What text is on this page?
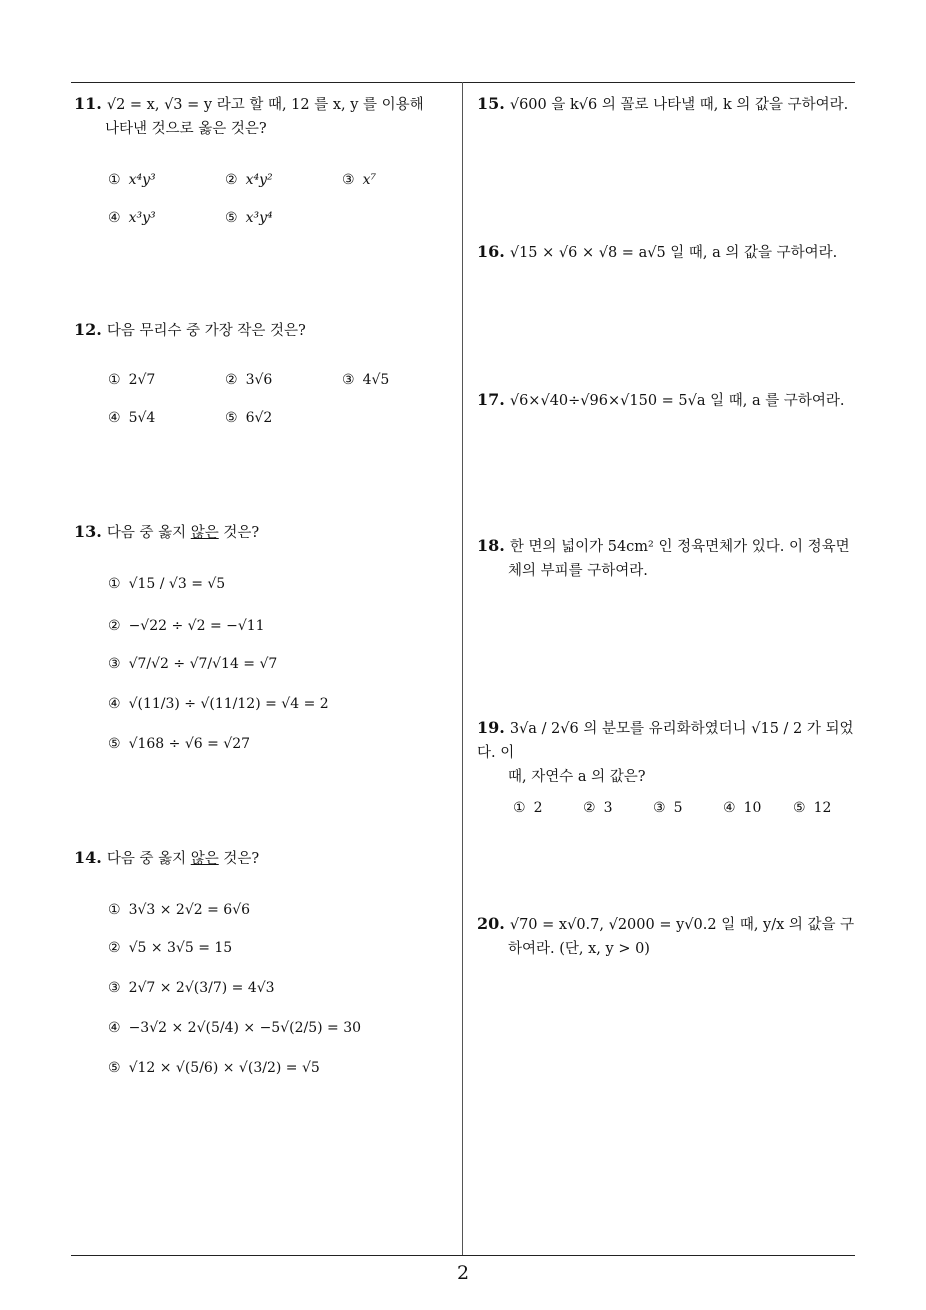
11. √2 = x, √3 = y 라고 할 때, 12 를 x, y 를 이용해
나타낸 것으로 옳은 것은?
① x⁴y³	② x⁴y²	③ x⁷
④ x³y³	⑤ x³y⁴
12. 다음 무리수 중 가장 작은 것은?
① 2√7	② 3√6	③ 4√5
④ 5√4	⑤ 6√2
13. 다음 중 옳지 않은 것은?
① √15 / √3 = √5
② −√22 ÷ √2 = −√11
③ √7/√2 ÷ √7/√14 = √7
④ √(11/3) ÷ √(11/12) = √4 = 2
⑤ √168 ÷ √6 = √27
14. 다음 중 옳지 않은 것은?
① 3√3 × 2√2 = 6√6
② √5 × 3√5 = 15
③ 2√7 × 2√(3/7) = 4√3
④ −3√2 × 2√(5/4) × −5√(2/5) = 30
⑤ √12 × √(5/6) × √(3/2) = √5
15. √600 을 k√6 의 꼴로 나타낼 때, k 의 값을 구하여라.
16. √15 × √6 × √8 = a√5 일 때, a 의 값을 구하여라.
17. √6×√40÷√96×√150 = 5√a 일 때, a 를 구하여라.
18. 한 면의 넓이가 54cm² 인 정육면체가 있다. 이 정육면
체의 부피를 구하여라.
19. 3√a / 2√6 의 분모를 유리화하였더니 √15 / 2 가 되었다. 이
때, 자연수 a 의 값은?
① 2	② 3	③ 5	④ 10 ⑤ 12
20. √70 = x√0.7, √2000 = y√0.2 일 때, y/x 의 값을 구
하여라. (단, x, y > 0)
2
